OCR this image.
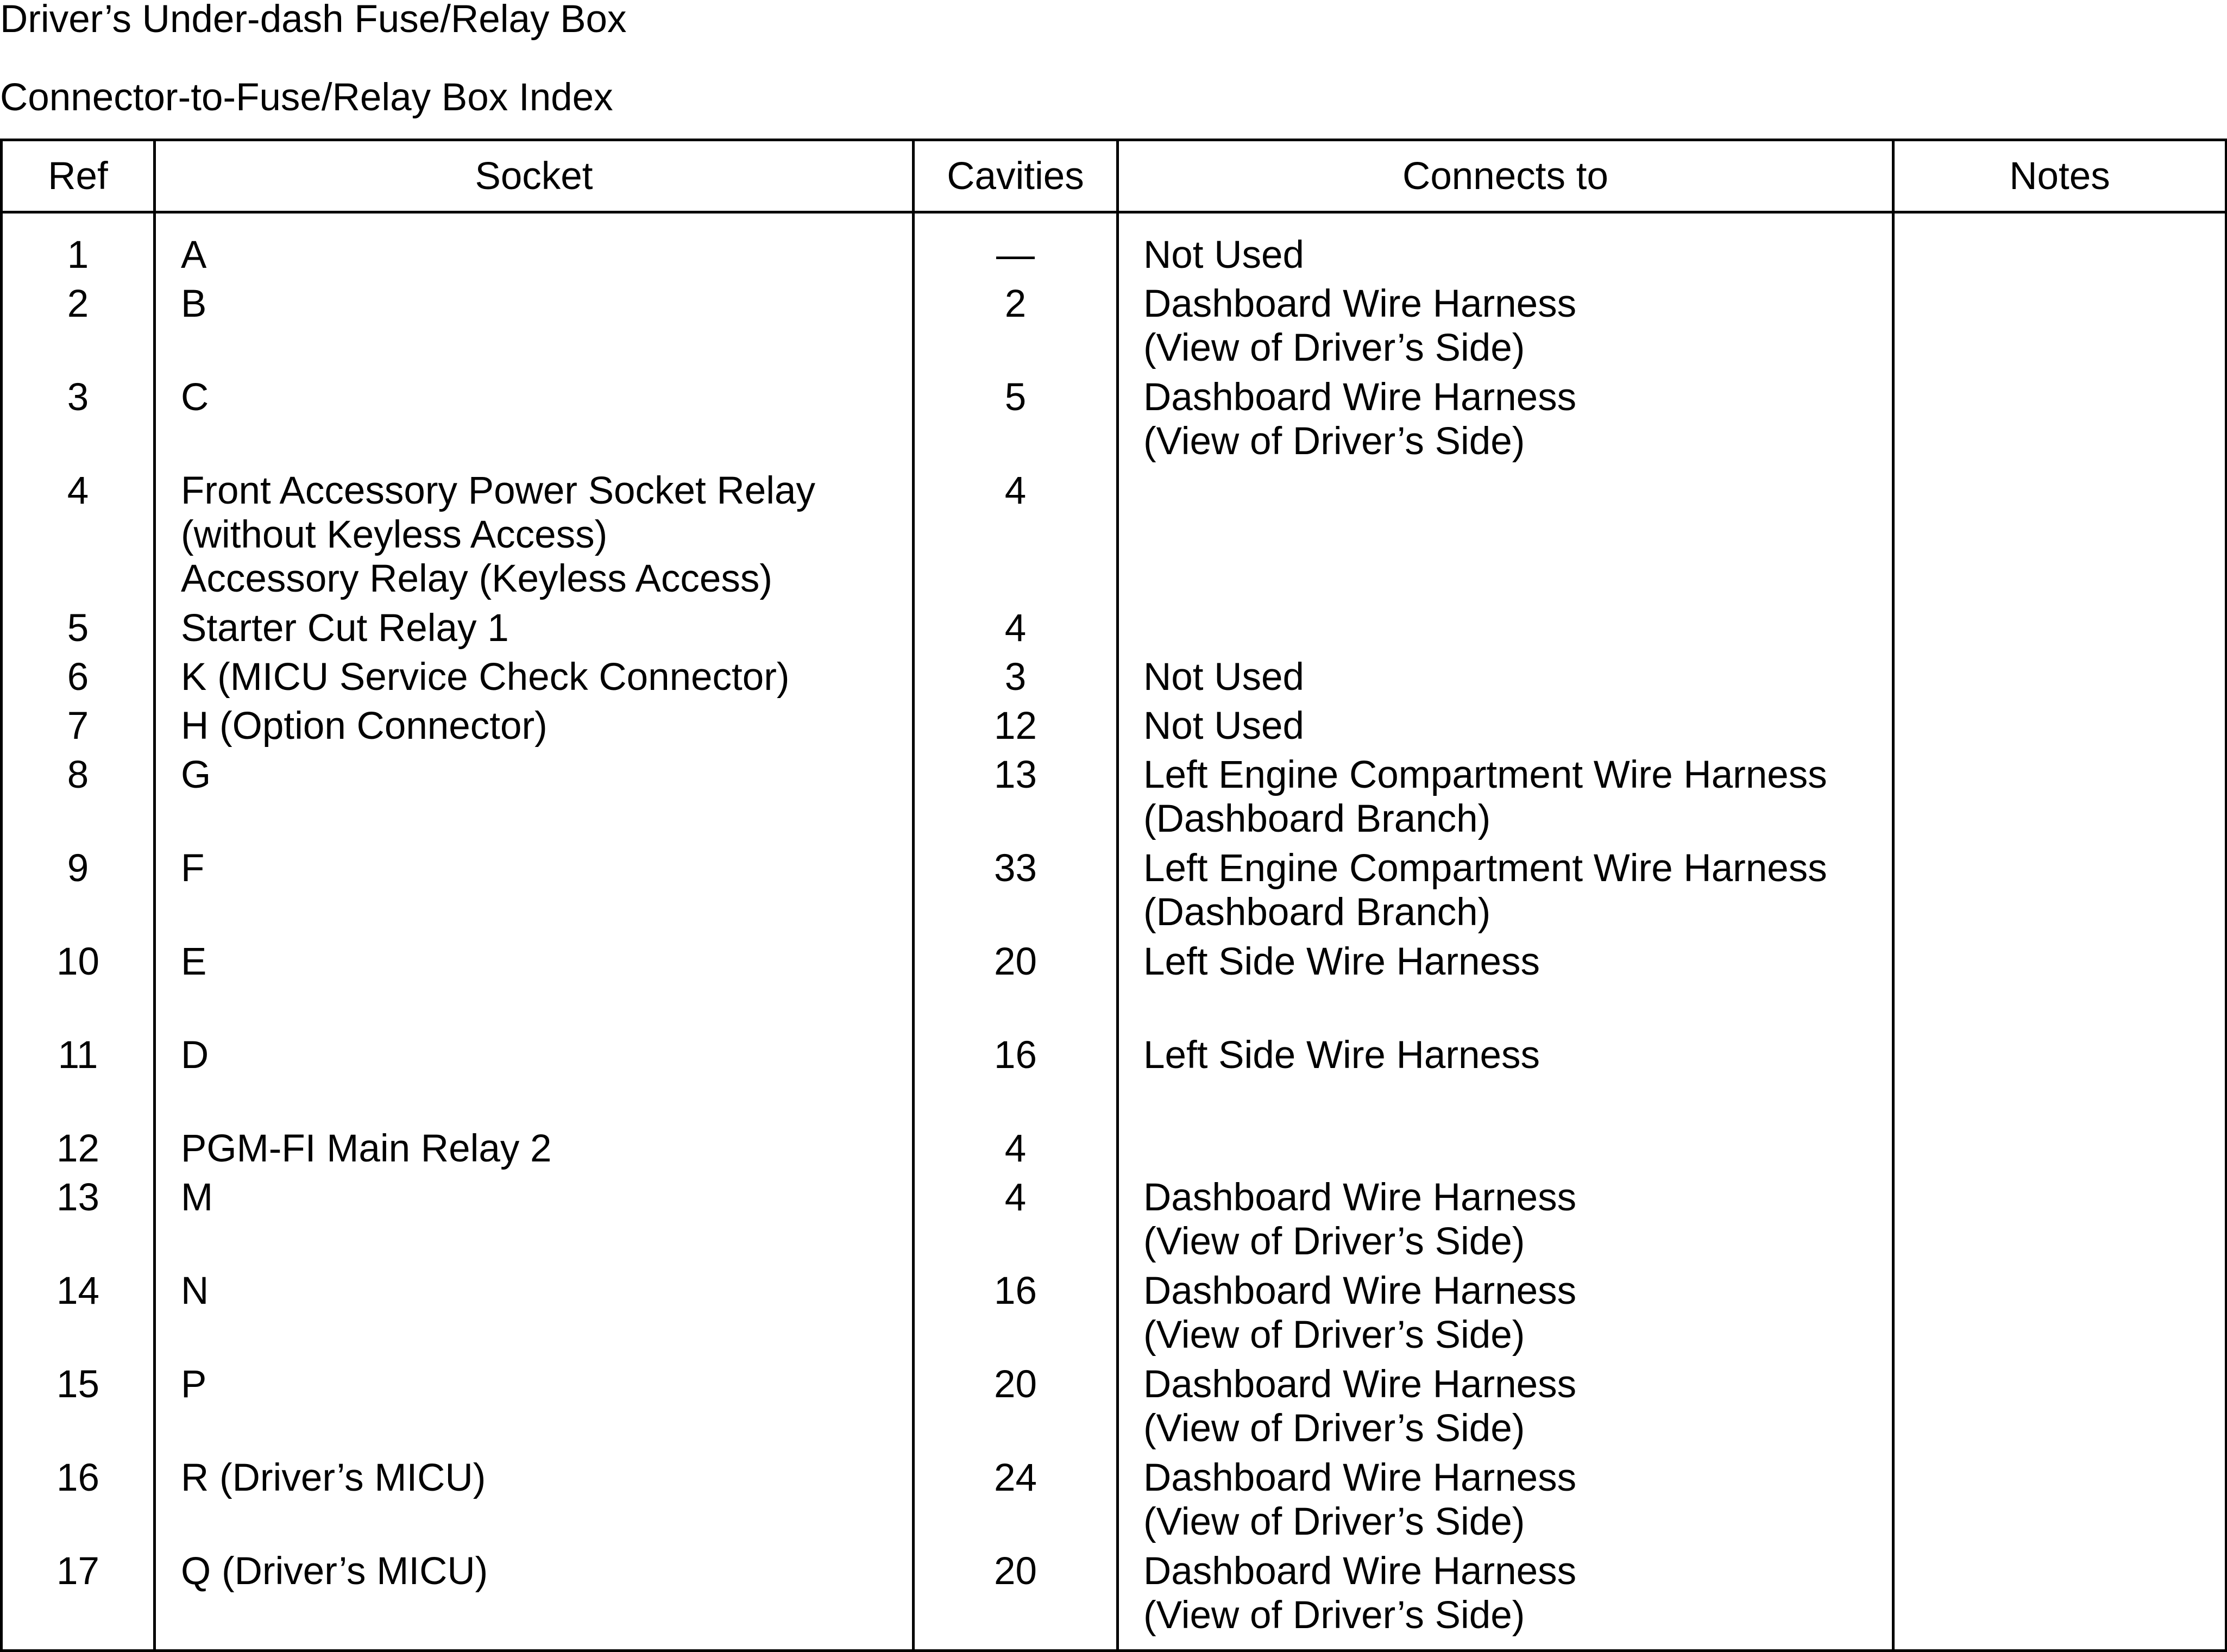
Driver’s Under-dash Fuse/Relay Box
Connector-to-Fuse/Relay Box Index
Ref	Socket	Cavities	Connects to	Notes
1	A	—	Not Used	

2	B	2	Dashboard Wire Harness
(View of Driver’s Side)	

3	C	5	Dashboard Wire Harness
(View of Driver’s Side)	

4	Front Accessory Power Socket Relay
(without Keyless Access)
Accessory Relay (Keyless Access)	4		
5	Starter Cut Relay 1	4		
6	K (MICU Service Check Connector)	3	Not Used	

7	H (Option Connector)	12	Not Used	

8	G	13	Left Engine Compartment Wire Harness
(Dashboard Branch)	

9	F	33	Left Engine Compartment Wire Harness
(Dashboard Branch)	

10	E	20	Left Side Wire Harness	

11	D	16	Left Side Wire Harness	

12	PGM-FI Main Relay 2	4		
13	M	4	Dashboard Wire Harness
(View of Driver’s Side)	

14	N	16	Dashboard Wire Harness
(View of Driver’s Side)	

15	P	20	Dashboard Wire Harness
(View of Driver’s Side)	

16	R (Driver’s MICU)	24	Dashboard Wire Harness
(View of Driver’s Side)	

17	Q (Driver’s MICU)	20	Dashboard Wire Harness
(View of Driver’s Side)	
